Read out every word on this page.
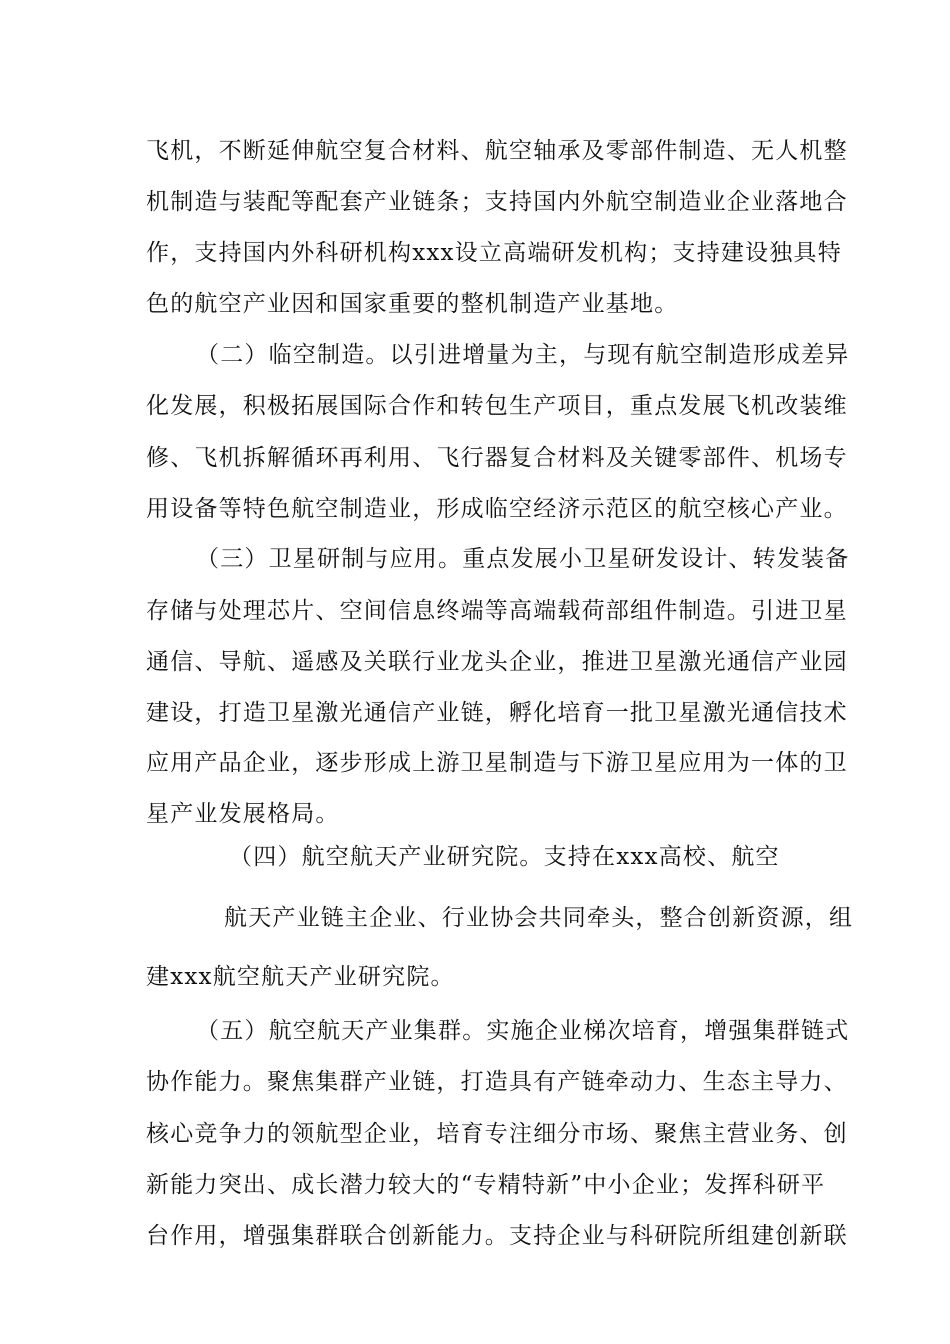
飞机，不断延伸航空复合材料、航空轴承及零部件制造、无人机整
机制造与装配等配套产业链条；支持国内外航空制造业企业落地合
作，支持国内外科研机构xxx设立高端研发机构；支持建设独具特
色的航空产业因和国家重要的整机制造产业基地。
（二）临空制造。以引进增量为主，与现有航空制造形成差异
化发展，积极拓展国际合作和转包生产项目，重点发展飞机改装维
修、飞机拆解循环再利用、飞行器复合材料及关键零部件、机场专
用设备等特色航空制造业，形成临空经济示范区的航空核心产业。
（三）卫星研制与应用。重点发展小卫星研发设计、转发装备
存储与处理芯片、空间信息终端等高端载荷部组件制造。引进卫星
通信、导航、遥感及关联行业龙头企业，推进卫星激光通信产业园
建设，打造卫星激光通信产业链，孵化培育一批卫星激光通信技术
应用产品企业，逐步形成上游卫星制造与下游卫星应用为一体的卫
星产业发展格局。
（四）航空航天产业研究院。支持在xxx高校、航空
航天产业链主企业、行业协会共同牵头，整合创新资源，组
建xxx航空航天产业研究院。
（五）航空航天产业集群。实施企业梯次培育，增强集群链式
协作能力。聚焦集群产业链，打造具有产链牵动力、生态主导力、
核心竞争力的领航型企业，培育专注细分市场、聚焦主营业务、创
新能力突出、成长潜力较大的“专精特新”中小企业；发挥科研平
台作用，增强集群联合创新能力。支持企业与科研院所组建创新联
